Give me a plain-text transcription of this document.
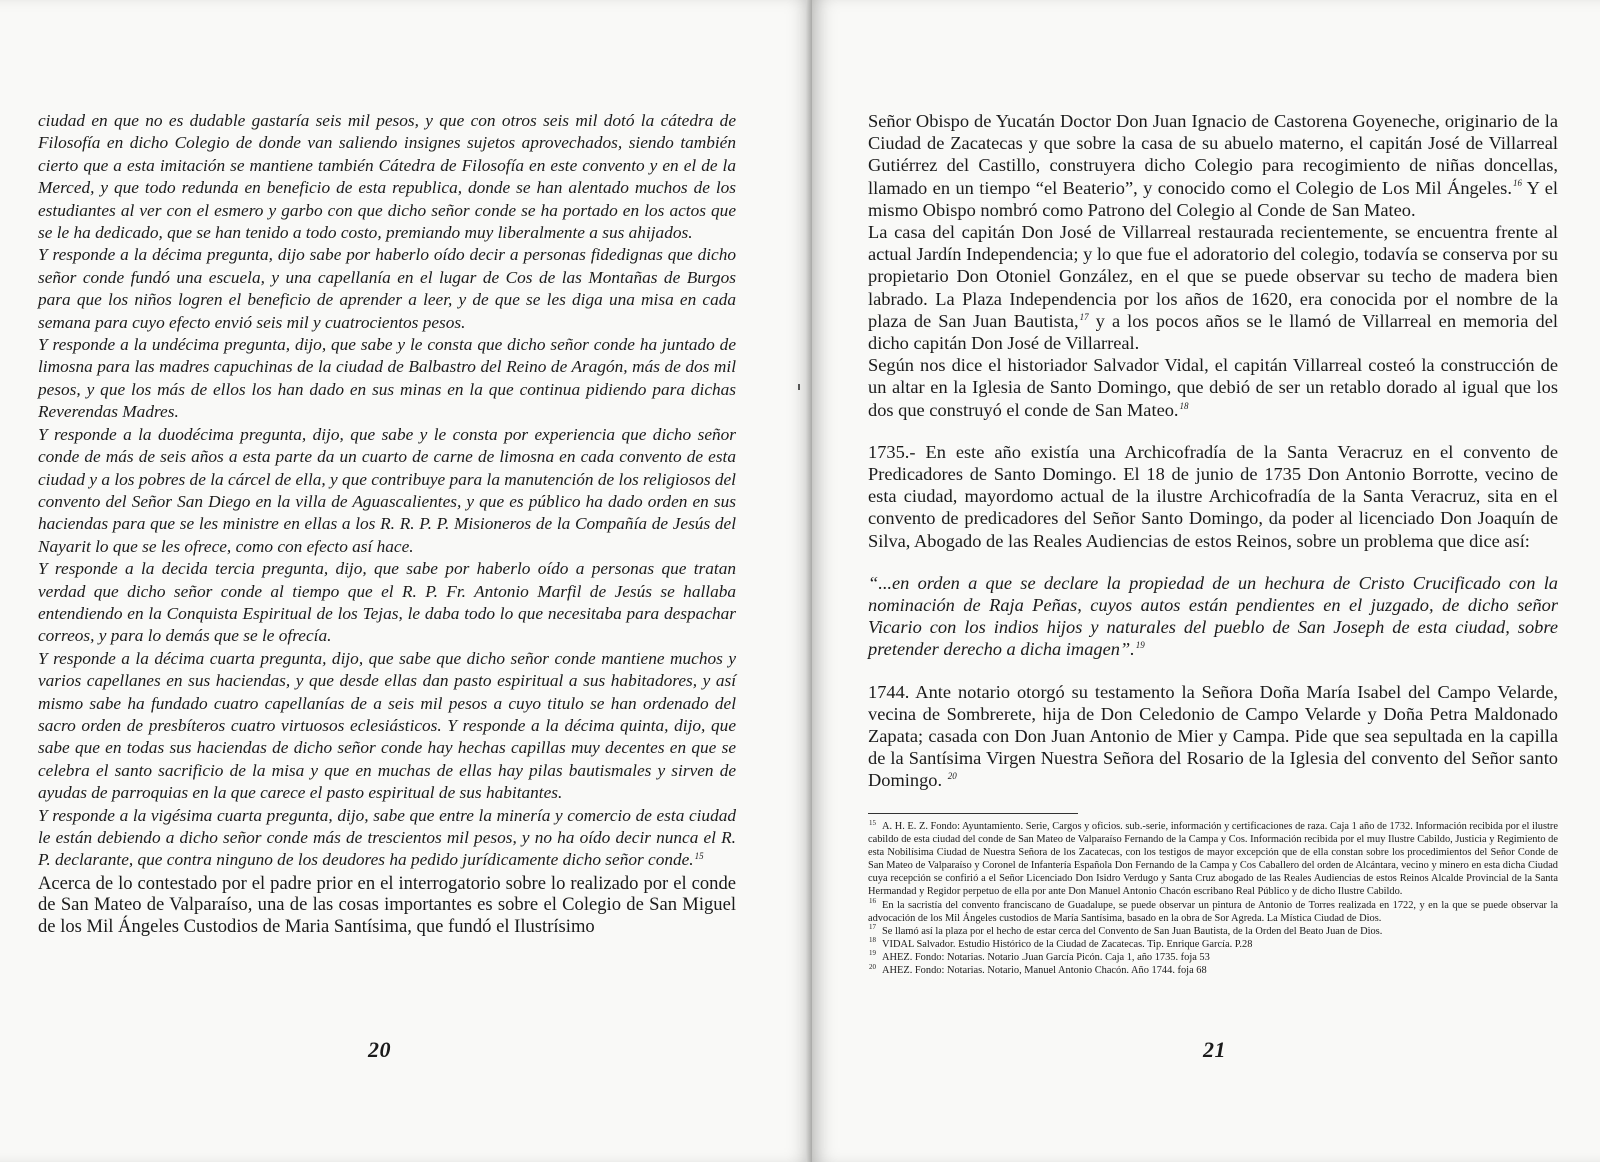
ciudad en que no es dudable gastaría seis mil pesos, y que con otros seis mil dotó la cátedra de Filosofía en dicho Colegio de donde van saliendo insignes sujetos aprovechados, siendo también cierto que a esta imitación se mantiene también Cátedra de Filosofía en este convento y en el de la Merced, y que todo redunda en beneficio de esta republica, donde se han alentado muchos de los estudiantes al ver con el esmero y garbo con que dicho señor conde se ha portado en los actos que se le ha dedicado, que se han tenido a todo costo, premiando muy liberalmente a sus ahijados.

Y responde a la décima pregunta, dijo sabe por haberlo oído decir a personas fidedignas que dicho señor conde fundó una escuela, y una capellanía en el lugar de Cos de las Montañas de Burgos para que los niños logren el beneficio de aprender a leer, y de que se les diga una misa en cada semana para cuyo efecto envió seis mil y cuatrocientos pesos.

Y responde a la undécima pregunta, dijo, que sabe y le consta que dicho señor conde ha juntado de limosna para las madres capuchinas de la ciudad de Balbastro del Reino de Aragón, más de dos mil pesos, y que los más de ellos los han dado en sus minas en la que continua pidiendo para dichas Reverendas Madres.

Y responde a la duodécima pregunta, dijo, que sabe y le consta por experiencia que dicho señor conde de más de seis años a esta parte da un cuarto de carne de limosna en cada convento de esta ciudad y a los pobres de la cárcel de ella, y que contribuye para la manutención de los religiosos del convento del Señor San Diego en la villa de Aguascalientes, y que es público ha dado orden en sus haciendas para que se les ministre en ellas a los R. R. P. P. Misioneros de la Compañía de Jesús del Nayarit lo que se les ofrece, como con efecto así hace.

Y responde a la decida tercia pregunta, dijo, que sabe por haberlo oído a personas que tratan verdad que dicho señor conde al tiempo que el R. P. Fr. Antonio Marfil de Jesús se hallaba entendiendo en la Conquista Espiritual de los Tejas, le daba todo lo que necesitaba para despachar correos, y para lo demás que se le ofrecía.

Y responde a la décima cuarta pregunta, dijo, que sabe que dicho señor conde mantiene muchos y varios capellanes en sus haciendas, y que desde ellas dan pasto espiritual a sus habitadores, y así mismo sabe ha fundado cuatro capellanías de a seis mil pesos a cuyo titulo se han ordenado del sacro orden de presbíteros cuatro virtuosos eclesiásticos. Y responde a la décima quinta, dijo, que sabe que en todas sus haciendas de dicho señor conde hay hechas capillas muy decentes en que se celebra el santo sacrificio de la misa y que en muchas de ellas hay pilas bautismales y sirven de ayudas de parroquias en la que carece el pasto espiritual de sus habitantes.

Y responde a la vigésima cuarta pregunta, dijo, sabe que entre la minería y comercio de esta ciudad le están debiendo a dicho señor conde más de trescientos mil pesos, y no ha oído decir nunca el R. P. declarante, que contra ninguno de los deudores ha pedido jurídicamente dicho señor conde.$^{15}$

Acerca de lo contestado por el padre prior en el interrogatorio sobre lo realizado por el conde de San Mateo de Valparaíso, una de las cosas importantes es sobre el Colegio de San Miguel de los Mil Ángeles Custodios de Maria Santísima, que fundó el Ilustrísimo

20

Señor Obispo de Yucatán Doctor Don Juan Ignacio de Castorena Goyeneche, originario de la Ciudad de Zacatecas y que sobre la casa de su abuelo materno, el capitán José de Villarreal Gutiérrez del Castillo, construyera dicho Colegio para recogimiento de niñas doncellas, llamado en un tiempo “el Beaterio”, y conocido como el Colegio de Los Mil Ángeles.$^{16}$ Y el mismo Obispo nombró como Patrono del Colegio al Conde de San Mateo.

La casa del capitán Don José de Villarreal restaurada recientemente, se encuentra frente al actual Jardín Independencia; y lo que fue el adoratorio del colegio, todavía se conserva por su propietario Don Otoniel González, en el que se puede observar su techo de madera bien labrado. La Plaza Independencia por los años de 1620, era conocida por el nombre de la plaza de San Juan Bautista,$^{17}$ y a los pocos años se le llamó de Villarreal en memoria del dicho capitán Don José de Villarreal.

Según nos dice el historiador Salvador Vidal, el capitán Villarreal costeó la construcción de un altar en la Iglesia de Santo Domingo, que debió de ser un retablo dorado al igual que los dos que construyó el conde de San Mateo.$^{18}$

1735.- En este año existía una Archicofradía de la Santa Veracruz en el convento de Predicadores de Santo Domingo. El 18 de junio de 1735 Don Antonio Borrotte, vecino de esta ciudad, mayordomo actual de la ilustre Archicofradía de la Santa Veracruz, sita en el convento de predicadores del Señor Santo Domingo, da poder al licenciado Don Joaquín de Silva, Abogado de las Reales Audiencias de estos Reinos, sobre un problema que dice así:

“...en orden a que se declare la propiedad de un hechura de Cristo Crucificado con la nominación de Raja Peñas, cuyos autos están pendientes en el juzgado, de dicho señor Vicario con los indios hijos y naturales del pueblo de San Joseph de esta ciudad, sobre pretender derecho a dicha imagen”.$^{19}$

1744. Ante notario otorgó su testamento la Señora Doña María Isabel del Campo Velarde, vecina de Sombrerete, hija de Don Celedonio de Campo Velarde y Doña Petra Maldonado Zapata; casada con Don Juan Antonio de Mier y Campa. Pide que sea sepultada en la capilla de la Santísima Virgen Nuestra Señora del Rosario de la Iglesia del convento del Señor santo Domingo. $^{20}$

$^{15}$ A. H. E. Z. Fondo: Ayuntamiento. Serie, Cargos y oficios. sub.-serie, información y certificaciones de raza. Caja 1 año de 1732. Información recibida por el ilustre cabildo de esta ciudad del conde de San Mateo de Valparaíso Fernando de la Campa y Cos. Información recibida por el muy Ilustre Cabildo, Justicia y Regimiento de esta Nobilísima Ciudad de Nuestra Señora de los Zacatecas, con los testigos de mayor excepción que de ella constan sobre los procedimientos del Señor Conde de San Mateo de Valparaíso y Coronel de Infantería Española Don Fernando de la Campa y Cos Caballero del orden de Alcántara, vecino y minero en esta dicha Ciudad cuya recepción se confirió a el Señor Licenciado Don Isidro Verdugo y Santa Cruz abogado de las Reales Audiencias de estos Reinos Alcalde Provincial de la Santa Hermandad y Regidor perpetuo de ella por ante Don Manuel Antonio Chacón escribano Real Público y de dicho Ilustre Cabildo.

$^{16}$ En la sacristía del convento franciscano de Guadalupe, se puede observar un pintura de Antonio de Torres realizada en 1722, y en la que se puede observar la advocación de los Mil Ángeles custodios de María Santísima, basado en la obra de Sor Agreda. La Mística Ciudad de Dios.

$^{17}$ Se llamó así la plaza por el hecho de estar cerca del Convento de San Juan Bautista, de la Orden del Beato Juan de Dios.

$^{18}$ VIDAL Salvador. Estudio Histórico de la Ciudad de Zacatecas. Tip. Enrique García. P.28

$^{19}$ AHEZ. Fondo: Notarias. Notario .Juan García Picón. Caja 1, año 1735. foja 53

$^{20}$ AHEZ. Fondo: Notarias. Notario, Manuel Antonio Chacón. Año 1744. foja 68

21
